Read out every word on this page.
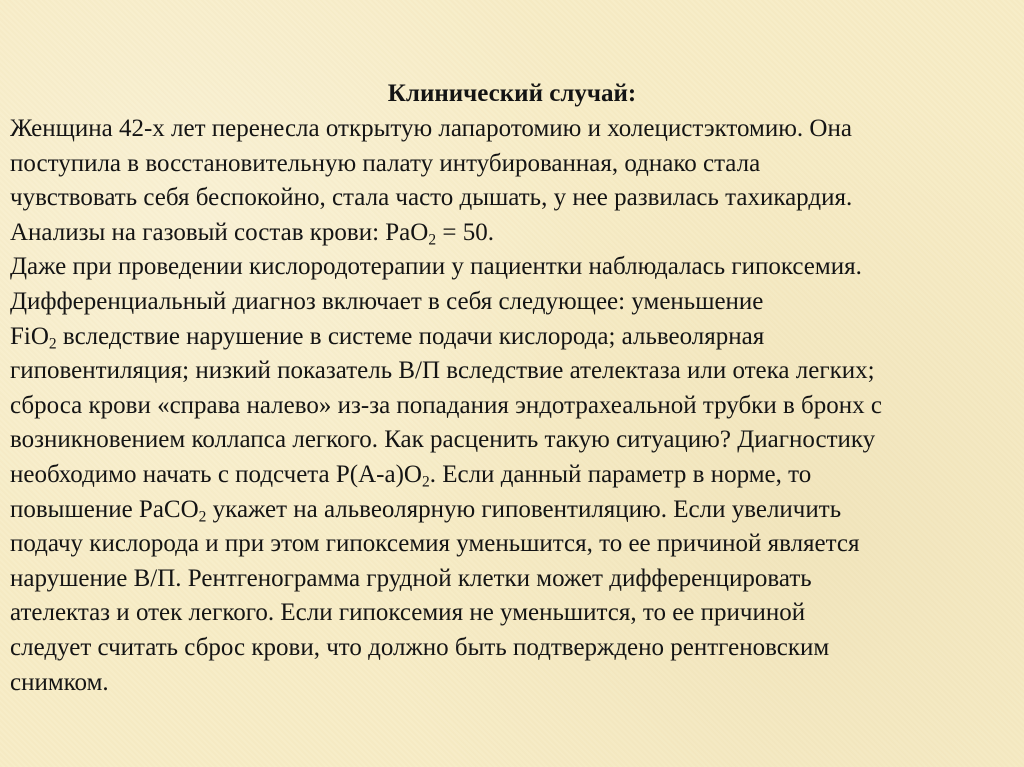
Клинический случай:
Женщина 42-х лет перенесла открытую лапаротомию и холецистэктомию. Она
поступила в восстановительную палату интубированная, однако стала
чувствовать себя беспокойно, стала часто дышать, у нее развилась тахикардия.
Анализы на газовый состав крови: PaO$_2$ = 50.
Даже при проведении кислородотерапии у пациентки наблюдалась гипоксемия.
Дифференциальный диагноз включает в себя следующее: уменьшение
FiO$_2$ вследствие нарушение в системе подачи кислорода; альвеолярная
гиповентиляция; низкий показатель В/П вследствие ателектаза или отека легких;
сброса крови «справа налево» из-за попадания эндотрахеальной трубки в бронх с
возникновением коллапса легкого. Как расценить такую ситуацию? Диагностику
необходимо начать с подсчета $Р(А-а)О_2$. Если данный параметр в норме, то
повышение PaCO$_2$ укажет на альвеолярную гиповентиляцию. Если увеличить
подачу кислорода и при этом гипоксемия уменьшится, то ее причиной является
нарушение В/П. Рентгенограмма грудной клетки может дифференцировать
ателектаз и отек легкого. Если гипоксемия не уменьшится, то ее причиной
следует считать сброс крови, что должно быть подтверждено рентгеновским
снимком.
